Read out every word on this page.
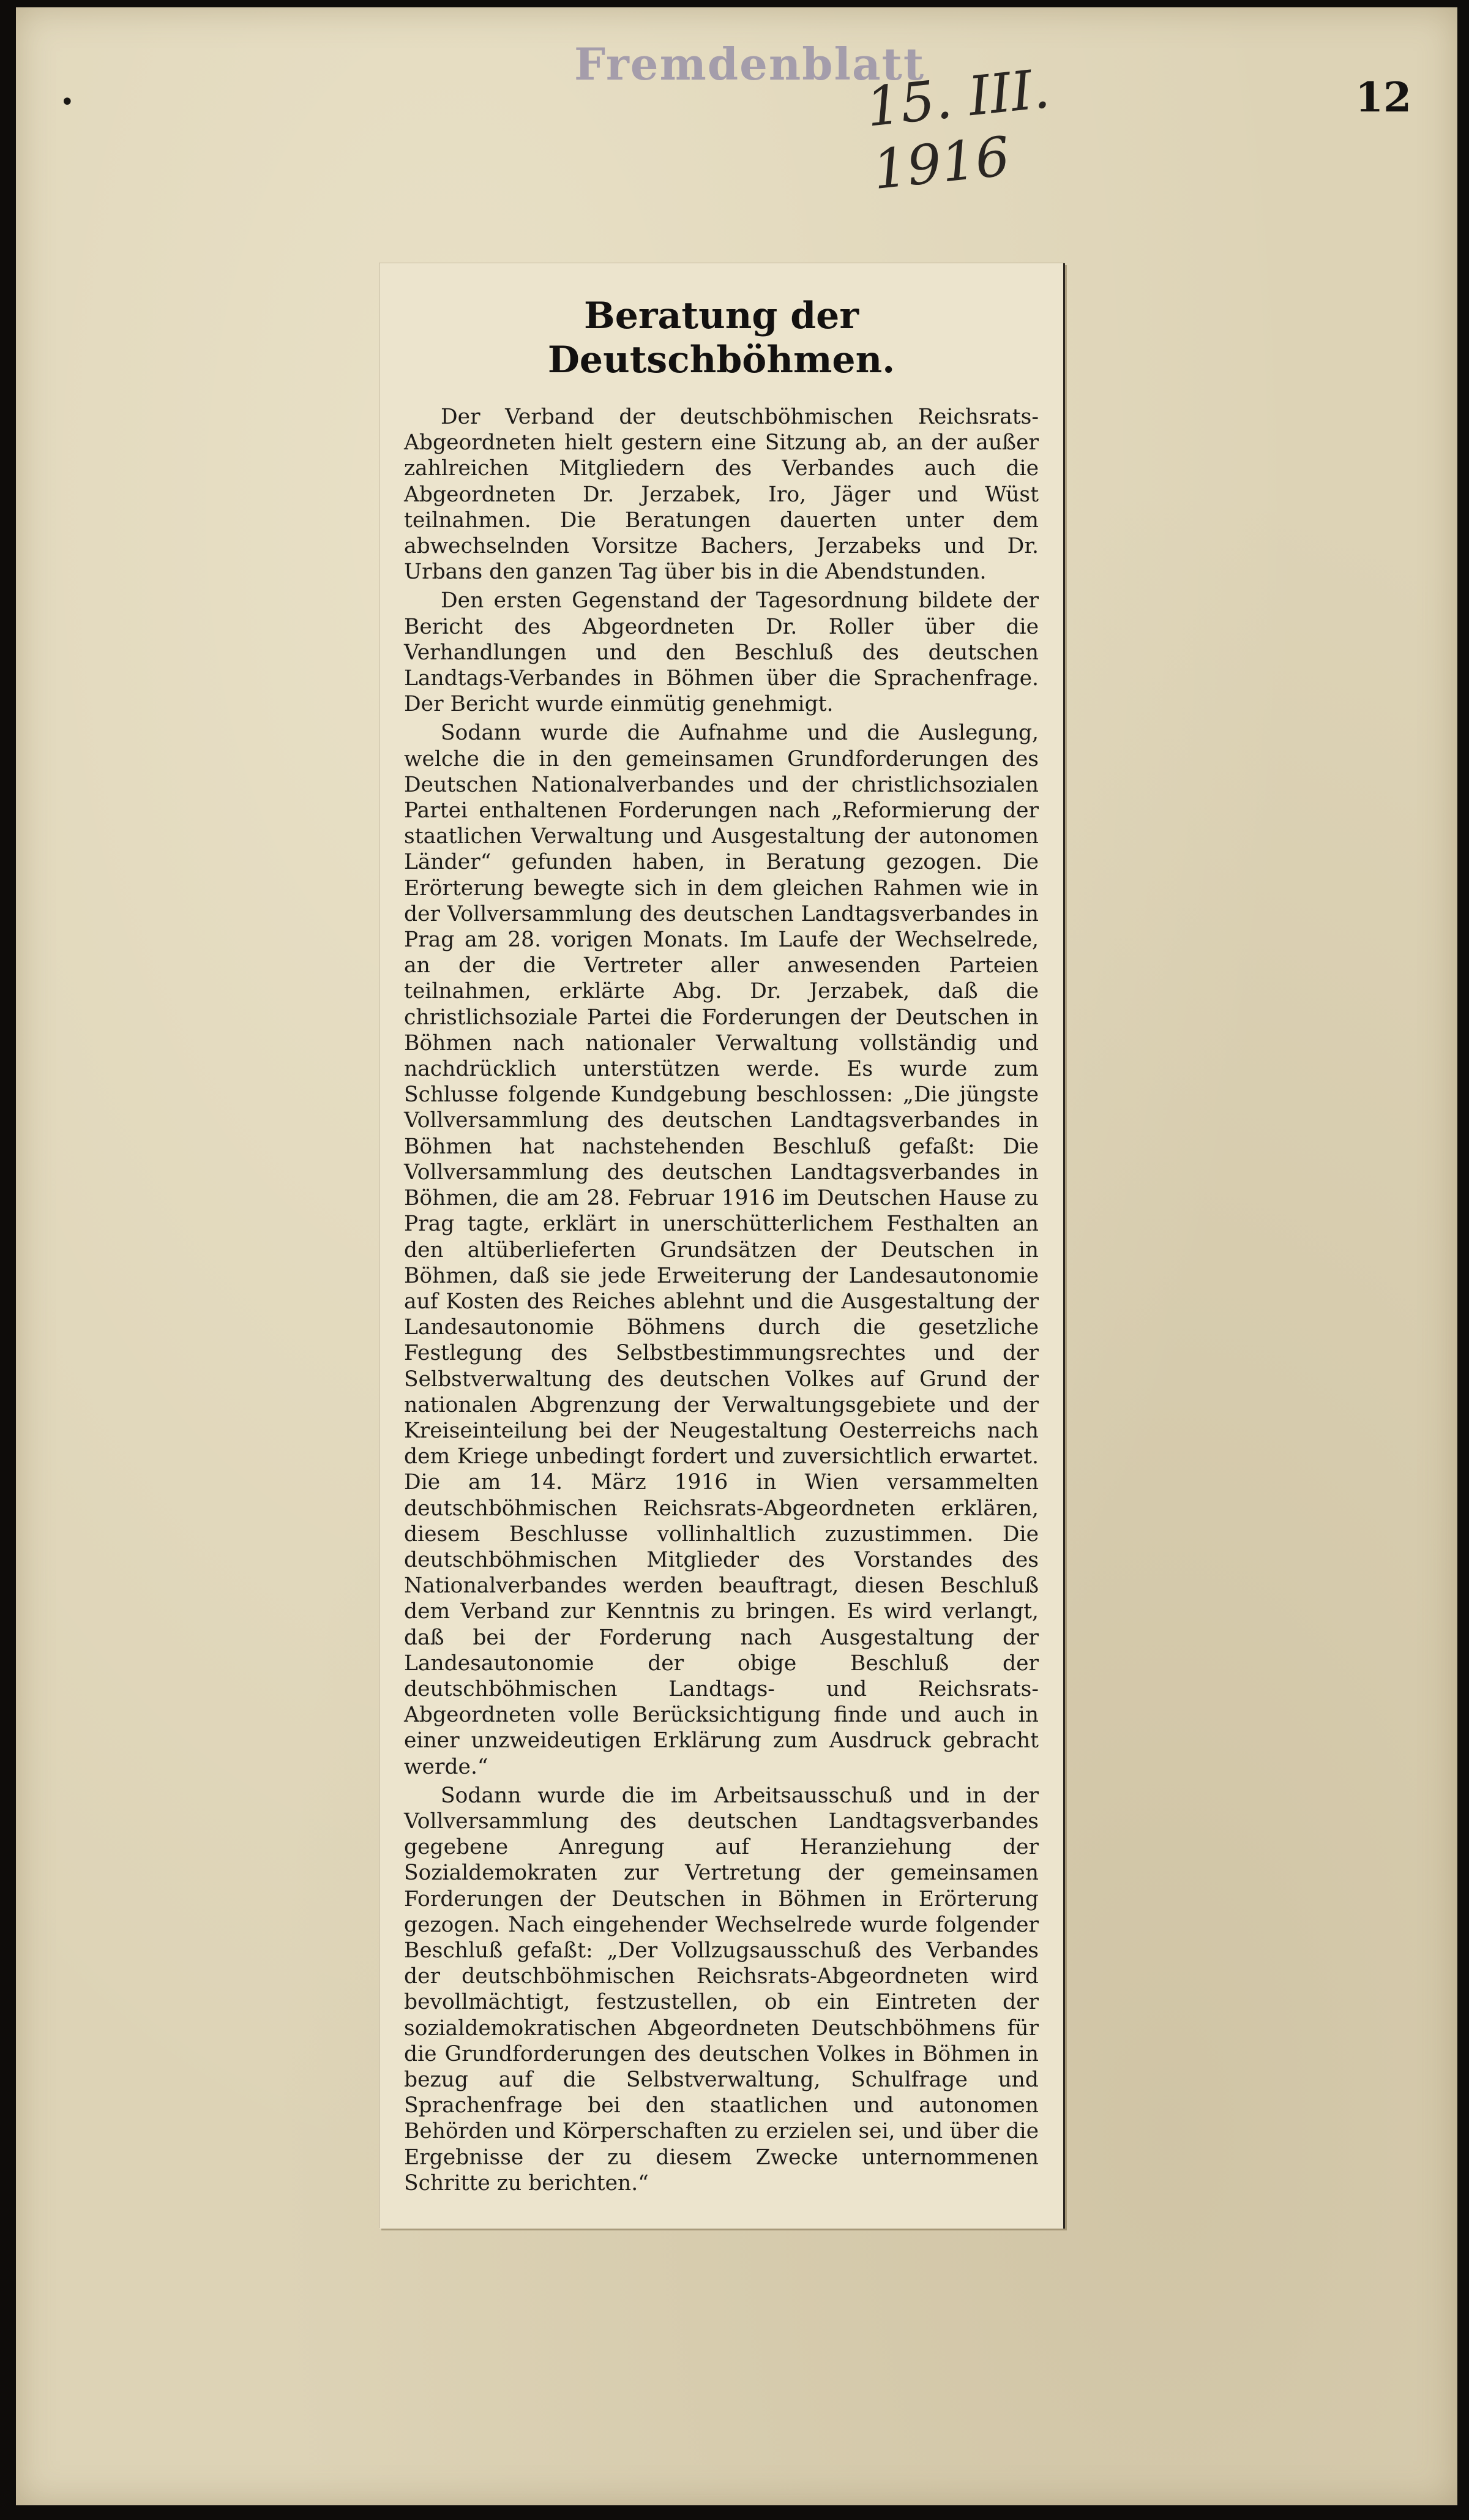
•
Fremdenblatt
15. III. 1916
12
Beratung der Deutschböhmen.

Der Verband der deutschböhmischen Reichsrats-Abgeordneten hielt gestern eine Sitzung ab, an der außer zahlreichen Mitgliedern des Verbandes auch die Abgeordneten Dr. Jerzabek, Iro, Jäger und Wüst teilnahmen. Die Beratungen dauerten unter dem abwechselnden Vorsitze Bachers, Jerzabeks und Dr. Urbans den ganzen Tag über bis in die Abendstunden.

Den ersten Gegenstand der Tagesordnung bildete der Bericht des Abgeordneten Dr. Roller über die Verhandlungen und den Beschluß des deutschen Landtags-Verbandes in Böhmen über die Sprachenfrage. Der Bericht wurde einmütig genehmigt.

Sodann wurde die Aufnahme und die Auslegung, welche die in den gemeinsamen Grundforderungen des Deutschen Nationalverbandes und der christlichsozialen Partei enthaltenen Forderungen nach „Reformierung der staatlichen Verwaltung und Ausgestaltung der autonomen Länder“ gefunden haben, in Beratung gezogen. Die Erörterung bewegte sich in dem gleichen Rahmen wie in der Vollversammlung des deutschen Landtagsverbandes in Prag am 28. vorigen Monats. Im Laufe der Wechselrede, an der die Vertreter aller anwesenden Parteien teilnahmen, erklärte Abg. Dr. Jerzabek, daß die christlichsoziale Partei die Forderungen der Deutschen in Böhmen nach nationaler Verwaltung vollständig und nachdrücklich unterstützen werde. Es wurde zum Schlusse folgende Kundgebung beschlossen: „Die jüngste Vollversammlung des deutschen Landtagsverbandes in Böhmen hat nachstehenden Beschluß gefaßt: Die Vollversammlung des deutschen Landtagsverbandes in Böhmen, die am 28. Februar 1916 im Deutschen Hause zu Prag tagte, erklärt in unerschütterlichem Festhalten an den altüberlieferten Grundsätzen der Deutschen in Böhmen, daß sie jede Erweiterung der Landesautonomie auf Kosten des Reiches ablehnt und die Ausgestaltung der Landesautonomie Böhmens durch die gesetzliche Festlegung des Selbstbestimmungsrechtes und der Selbstverwaltung des deutschen Volkes auf Grund der nationalen Abgrenzung der Verwaltungsgebiete und der Kreiseinteilung bei der Neugestaltung Oesterreichs nach dem Kriege unbedingt fordert und zuversichtlich erwartet. Die am 14. März 1916 in Wien versammelten deutschböhmischen Reichsrats-Abgeordneten erklären, diesem Beschlusse vollinhaltlich zuzustimmen. Die deutschböhmischen Mitglieder des Vorstandes des Nationalverbandes werden beauftragt, diesen Beschluß dem Verband zur Kenntnis zu bringen. Es wird verlangt, daß bei der Forderung nach Ausgestaltung der Landesautonomie der obige Beschluß der deutschböhmischen Landtags- und Reichsrats-Abgeordneten volle Berücksichtigung finde und auch in einer unzweideutigen Erklärung zum Ausdruck gebracht werde.“

Sodann wurde die im Arbeitsausschuß und in der Vollversammlung des deutschen Landtagsverbandes gegebene Anregung auf Heranziehung der Sozialdemokraten zur Vertretung der gemeinsamen Forderungen der Deutschen in Böhmen in Erörterung gezogen. Nach eingehender Wechselrede wurde folgender Beschluß gefaßt: „Der Vollzugsausschuß des Verbandes der deutschböhmischen Reichsrats-Abgeordneten wird bevollmächtigt, festzustellen, ob ein Eintreten der sozialdemokratischen Abgeordneten Deutschböhmens für die Grundforderungen des deutschen Volkes in Böhmen in bezug auf die Selbstverwaltung, Schulfrage und Sprachenfrage bei den staatlichen und autonomen Behörden und Körperschaften zu erzielen sei, und über die Ergebnisse der zu diesem Zwecke unternommenen Schritte zu berichten.“
